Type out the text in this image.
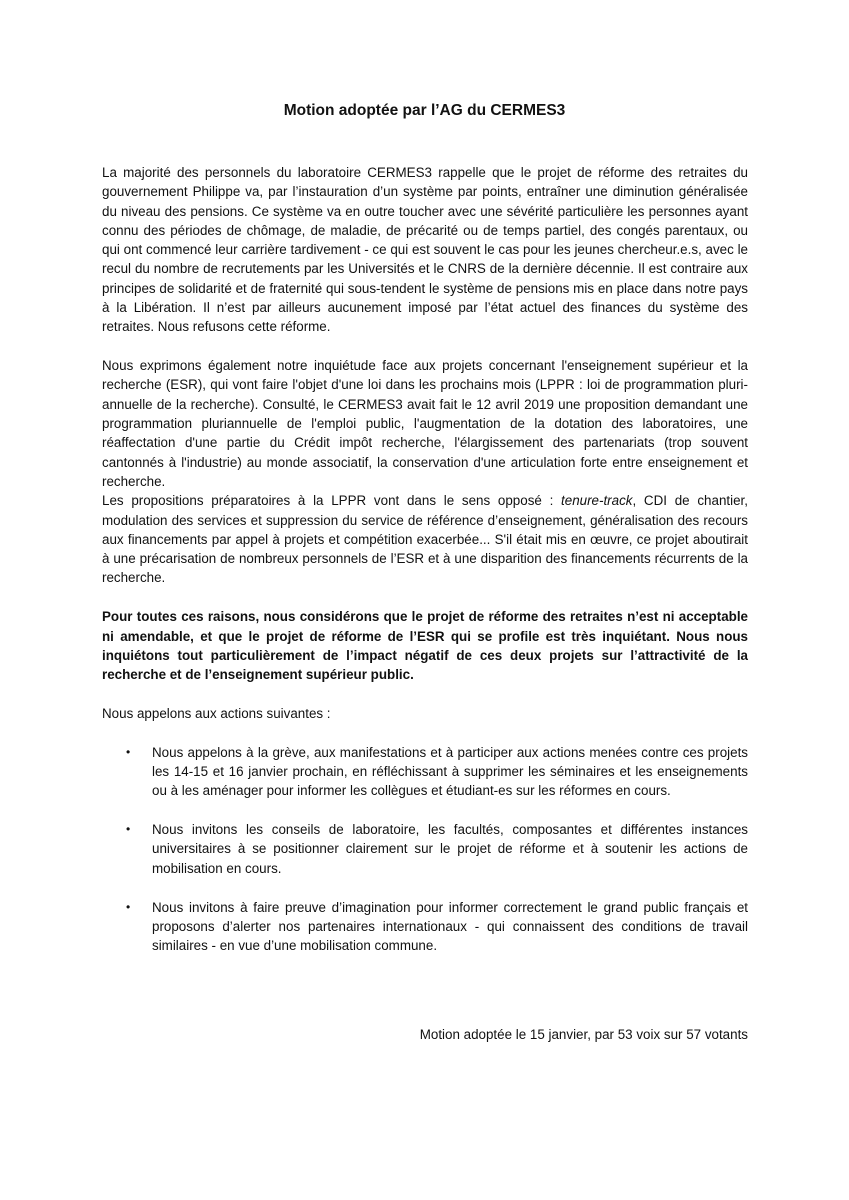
Motion adoptée par l’AG du CERMES3

La majorité des personnels du laboratoire CERMES3 rappelle que le projet de réforme des retraites du gouvernement Philippe va, par l’instauration d’un système par points, entraîner une diminution généralisée du niveau des pensions. Ce système va en outre toucher avec une sévérité particulière les personnes ayant connu des périodes de chômage, de maladie, de précarité ou de temps partiel, des congés parentaux, ou qui ont commencé leur carrière tardivement - ce qui est souvent le cas pour les jeunes chercheur.e.s, avec le recul du nombre de recrutements par les Universités et le CNRS de la dernière décennie. Il est contraire aux principes de solidarité et de fraternité qui sous-tendent le système de pensions mis en place dans notre pays à la Libération. Il n’est par ailleurs aucunement imposé par l’état actuel des finances du système des retraites. Nous refusons cette réforme.

Nous exprimons également notre inquiétude face aux projets concernant l'enseignement supérieur et la recherche (ESR), qui vont faire l'objet d'une loi dans les prochains mois (LPPR : loi de programmation pluri-annuelle de la recherche). Consulté, le CERMES3 avait fait le 12 avril 2019 une proposition demandant une programmation pluriannuelle de l'emploi public, l'augmentation de la dotation des laboratoires, une réaffectation d'une partie du Crédit impôt recherche, l'élargissement des partenariats (trop souvent cantonnés à l'industrie) au monde associatif, la conservation d'une articulation forte entre enseignement et recherche.

Les propositions préparatoires à la LPPR vont dans le sens opposé : tenure-track, CDI de chantier, modulation des services et suppression du service de référence d’enseignement, généralisation des recours aux financements par appel à projets et compétition exacerbée... S'il était mis en œuvre, ce projet aboutirait à une précarisation de nombreux personnels de l’ESR et à une disparition des financements récurrents de la recherche.

Pour toutes ces raisons, nous considérons que le projet de réforme des retraites n’est ni acceptable ni amendable, et que le projet de réforme de l’ESR qui se profile est très inquiétant. Nous nous inquiétons tout particulièrement de l’impact négatif de ces deux projets sur l’attractivité de la recherche et de l’enseignement supérieur public.

Nous appelons aux actions suivantes :

• Nous appelons à la grève, aux manifestations et à participer aux actions menées contre ces projets les 14-15 et 16 janvier prochain, en réfléchissant à supprimer les séminaires et les enseignements ou à les aménager pour informer les collègues et étudiant-es sur les réformes en cours.
• Nous invitons les conseils de laboratoire, les facultés, composantes et différentes instances universitaires à se positionner clairement sur le projet de réforme et à soutenir les actions de mobilisation en cours.
• Nous invitons à faire preuve d’imagination pour informer correctement le grand public français et proposons d’alerter nos partenaires internationaux - qui connaissent des conditions de travail similaires - en vue d’une mobilisation commune.
Motion adoptée le 15 janvier, par 53 voix sur 57 votants
